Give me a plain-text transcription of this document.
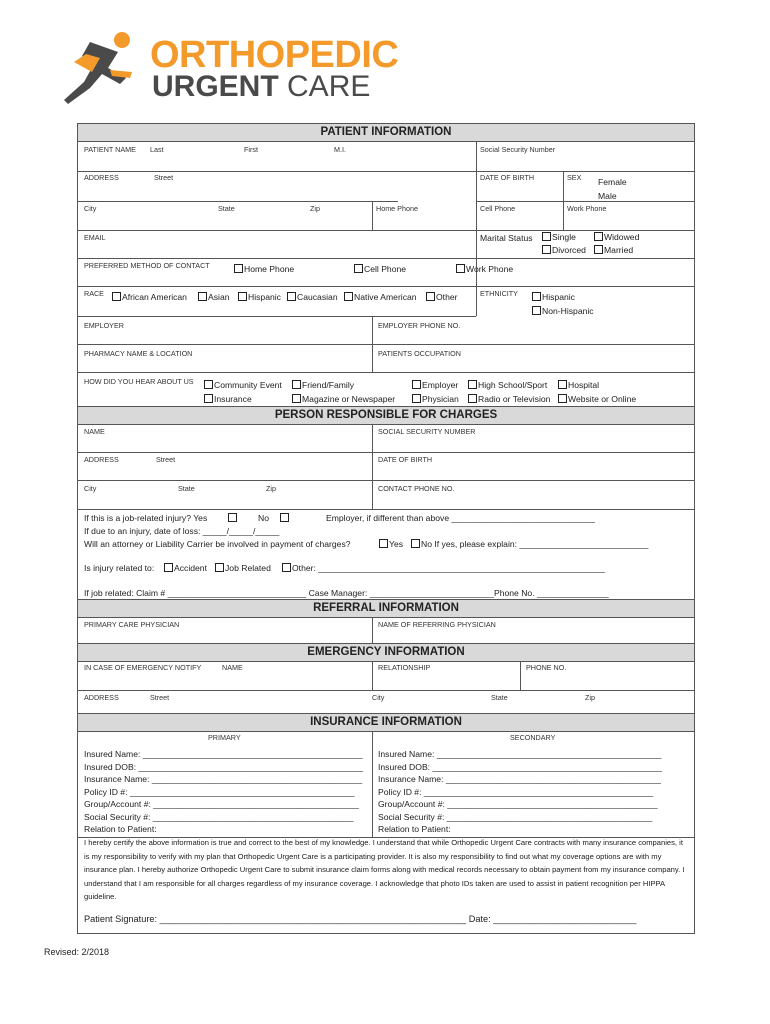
ORTHOPEDIC
URGENT CARE
PATIENT INFORMATION
PATIENT NAME Last	First	M.I.	Social Security Number
ADDRESS	Street	DATE OF BIRTH	SEX Female
Male
City	State	Zip	Home Phone	Cell Phone	Work Phone
EMAIL	Marital Status	Single	Widowed
Divorced	Married
PREFERRED METHOD OF CONTACT	Home Phone	Cell Phone	Work Phone
RACE	African American	Asian	Hispanic	Caucasian	Native American	Other	ETHNICITY	Hispanic
Non-Hispanic
EMPLOYER	EMPLOYER PHONE NO.
PHARMACY NAME & LOCATION	PATIENTS OCCUPATION
HOW DID YOU HEAR ABOUT US	Community Event	Friend/Family	Employer	High School/Sport	Hospital
Insurance	Magazine or Newspaper	Physician	Radio or Television	Website or Online
PERSON RESPONSIBLE FOR CHARGES
NAME	SOCIAL SECURITY NUMBER
ADDRESS	Street	DATE OF BIRTH
City	State	Zip	CONTACT PHONE NO.
If this is a job-related injury? Yes	No	Employer, if different than above ______________________________
If due to an injury, date of loss: _____/_____/_____
Will an attorney or Liability Carrier be involved in payment of charges?	Yes	No If yes, please explain: ___________________________
Is injury related to:	Accident	Job Related	Other: ____________________________________________________________
If job related: Claim # _____________________________ Case Manager: __________________________Phone No. _______________
REFERRAL INFORMATION
PRIMARY CARE PHYSICIAN	NAME OF REFERRING PHYSICIAN
EMERGENCY INFORMATION
IN CASE OF EMERGENCY NOTIFY	NAME	RELATIONSHIP	PHONE NO.
ADDRESS	Street	City	State	Zip
INSURANCE INFORMATION
PRIMARY	SECONDARY
Insured Name: ______________________________________________
Insured DOB: _______________________________________________
Insurance Name: ____________________________________________
Policy ID #: _______________________________________________
Group/Account #: ___________________________________________
Social Security #: __________________________________________
Relation to Patient:
Insured Name: _______________________________________________
Insured DOB: ________________________________________________
Insurance Name: _____________________________________________
Policy ID #: ________________________________________________
Group/Account #: ____________________________________________
Social Security #: ___________________________________________
Relation to Patient:
I hereby certify the above information is true and correct to the best of my knowledge. I understand that while Orthopedic Urgent Care contracts with many insurance companies, it is my responsibility to verify with my plan that Orthopedic Urgent Care is a participating provider. It is also my responsibility to find out what my coverage options are with my insurance plan. I hereby authorize Orthopedic Urgent Care to submit insurance claim forms along with medical records necessary to obtain payment from my insurance company. I understand that I am responsible for all charges regardless of my insurance coverage. I acknowledge that photo IDs taken are used to assist in patient recognition per HIPPA guideline.
Patient Signature: ____________________________________________________________ Date: ____________________________
Revised: 2/2018
